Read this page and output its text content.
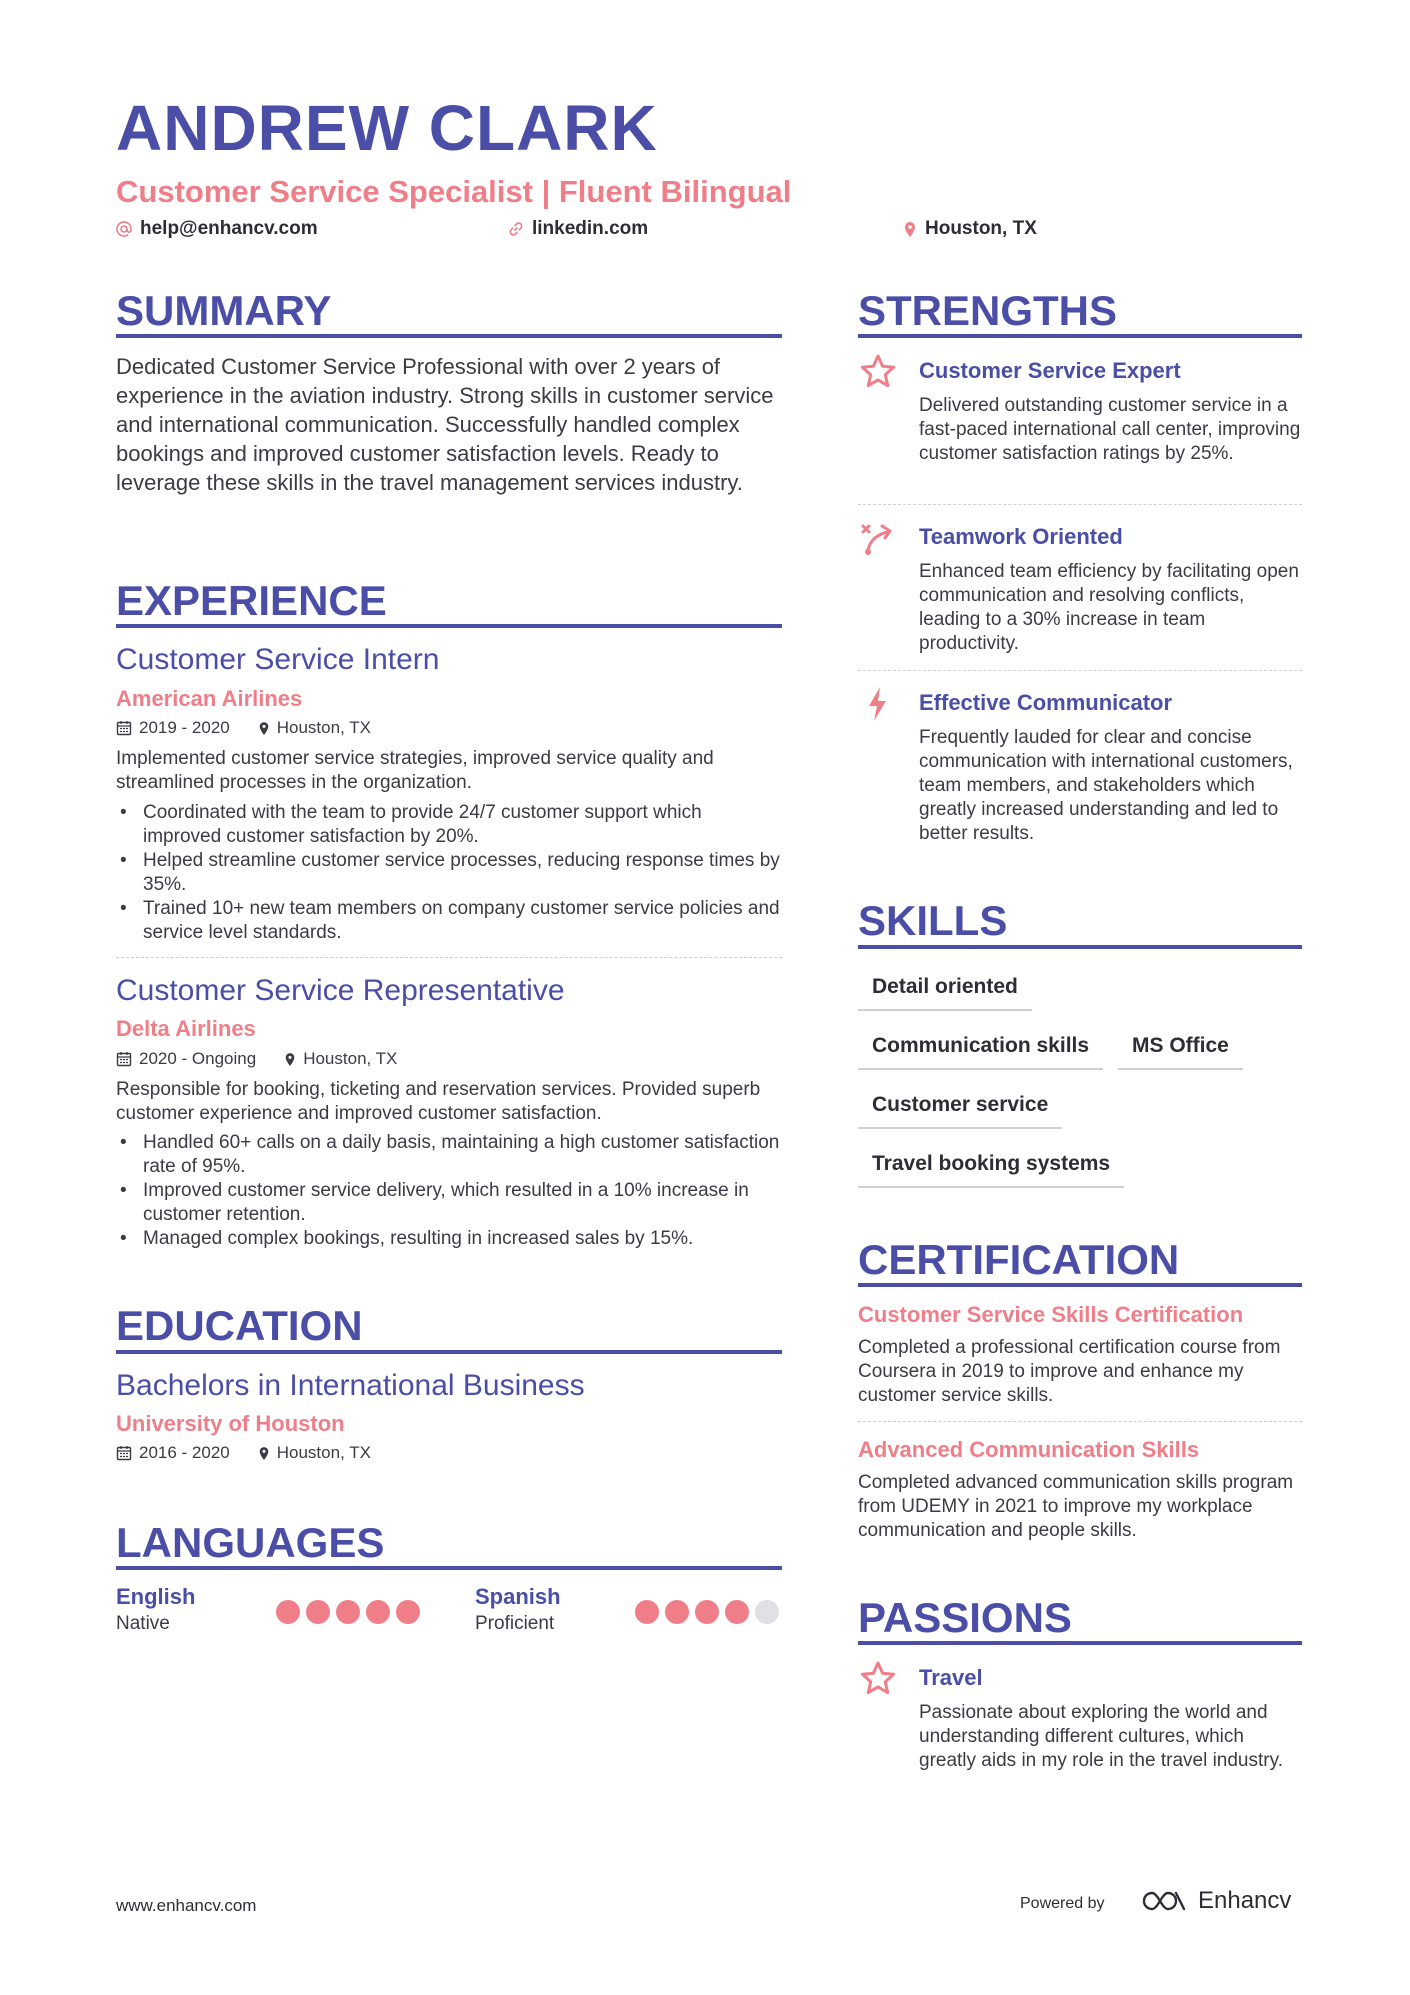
ANDREW CLARK
Customer Service Specialist | Fluent Bilingual
help@enhancv.com	linkedin.com	Houston, TX
SUMMARY
Dedicated Customer Service Professional with over 2 years of experience in the aviation industry. Strong skills in customer service and international communication. Successfully handled complex bookings and improved customer satisfaction levels. Ready to leverage these skills in the travel management services industry.
EXPERIENCE
Customer Service Intern
American Airlines
2019 - 2020	Houston, TX
Implemented customer service strategies, improved service quality and streamlined processes in the organization.
• Coordinated with the team to provide 24/7 customer support which improved customer satisfaction by 20%.
• Helped streamline customer service processes, reducing response times by 35%.
• Trained 10+ new team members on company customer service policies and service level standards.
Customer Service Representative
Delta Airlines
2020 - Ongoing	Houston, TX
Responsible for booking, ticketing and reservation services. Provided superb customer experience and improved customer satisfaction.
• Handled 60+ calls on a daily basis, maintaining a high customer satisfaction rate of 95%.
• Improved customer service delivery, which resulted in a 10% increase in customer retention.
• Managed complex bookings, resulting in increased sales by 15%.
EDUCATION
Bachelors in International Business
University of Houston
2016 - 2020	Houston, TX
LANGUAGES
English
Native
Spanish
Proficient
STRENGTHS
Customer Service Expert
Delivered outstanding customer service in a fast-paced international call center, improving customer satisfaction ratings by 25%.
Teamwork Oriented
Enhanced team efficiency by facilitating open communication and resolving conflicts, leading to a 30% increase in team productivity.
Effective Communicator
Frequently lauded for clear and concise communication with international customers, team members, and stakeholders which greatly increased understanding and led to better results.
SKILLS
Detail oriented
Communication skills	MS Office
Customer service
Travel booking systems
CERTIFICATION
Customer Service Skills Certification
Completed a professional certification course from Coursera in 2019 to improve and enhance my customer service skills.
Advanced Communication Skills
Completed advanced communication skills program from UDEMY in 2021 to improve my workplace communication and people skills.
PASSIONS
Travel
Passionate about exploring the world and understanding different cultures, which greatly aids in my role in the travel industry.
www.enhancv.com	Powered by	Enhancv
